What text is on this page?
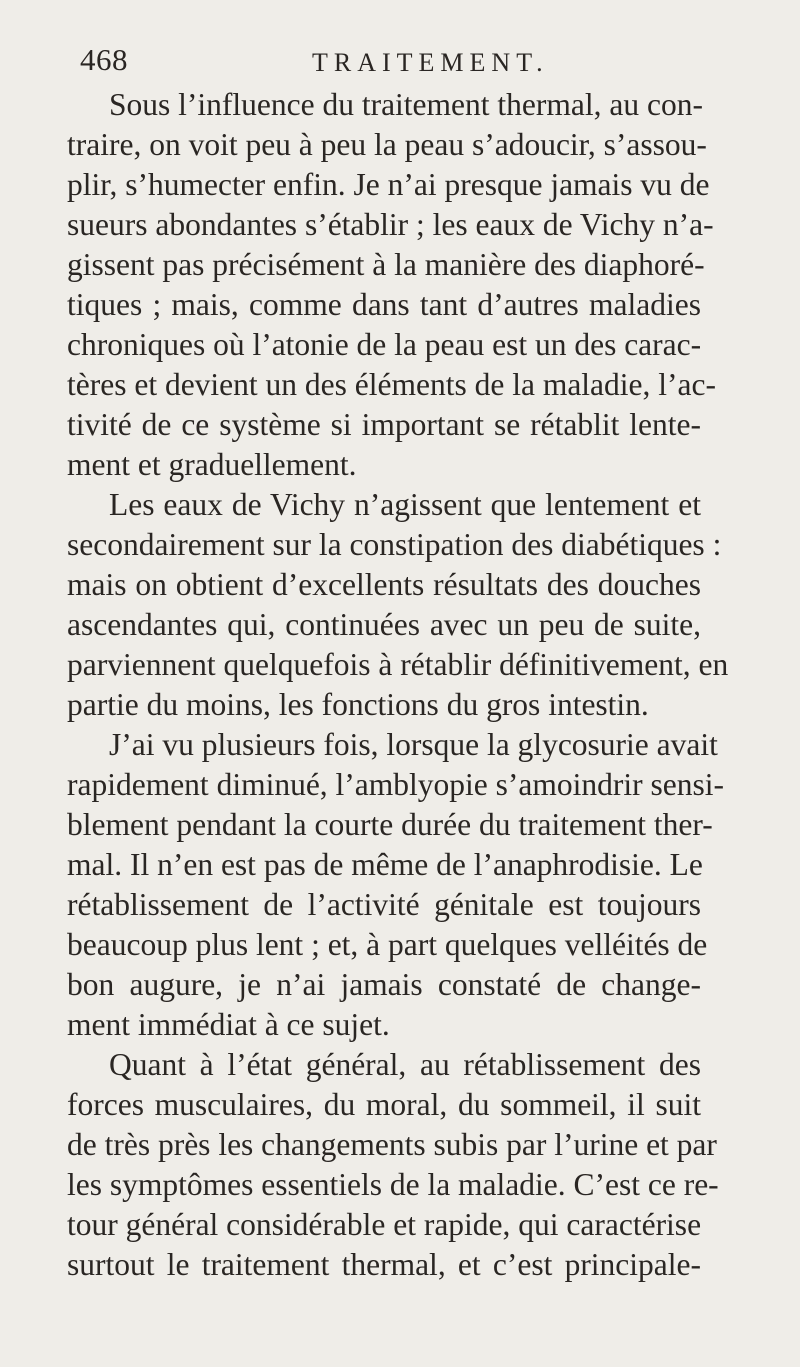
468	TRAITEMENT.
Sous l’influence du traitement thermal, au con-
traire, on voit peu à peu la peau s’adoucir, s’assou-
plir, s’humecter enfin. Je n’ai presque jamais vu de
sueurs abondantes s’établir ; les eaux de Vichy n’a-
gissent pas précisément à la manière des diaphoré-
tiques ; mais, comme dans tant d’autres maladies
chroniques où l’atonie de la peau est un des carac-
tères et devient un des éléments de la maladie, l’ac-
tivité de ce système si important se rétablit lente-
ment et graduellement.
Les eaux de Vichy n’agissent que lentement et
secondairement sur la constipation des diabétiques :
mais on obtient d’excellents résultats des douches
ascendantes qui, continuées avec un peu de suite,
parviennent quelquefois à rétablir définitivement, en
partie du moins, les fonctions du gros intestin.
J’ai vu plusieurs fois, lorsque la glycosurie avait
rapidement diminué, l’amblyopie s’amoindrir sensi-
blement pendant la courte durée du traitement ther-
mal. Il n’en est pas de même de l’anaphrodisie. Le
rétablissement de l’activité génitale est toujours
beaucoup plus lent ; et, à part quelques velléités de
bon augure, je n’ai jamais constaté de change-
ment immédiat à ce sujet.
Quant à l’état général, au rétablissement des
forces musculaires, du moral, du sommeil, il suit
de très près les changements subis par l’urine et par
les symptômes essentiels de la maladie. C’est ce re-
tour général considérable et rapide, qui caractérise
surtout le traitement thermal, et c’est principale-
